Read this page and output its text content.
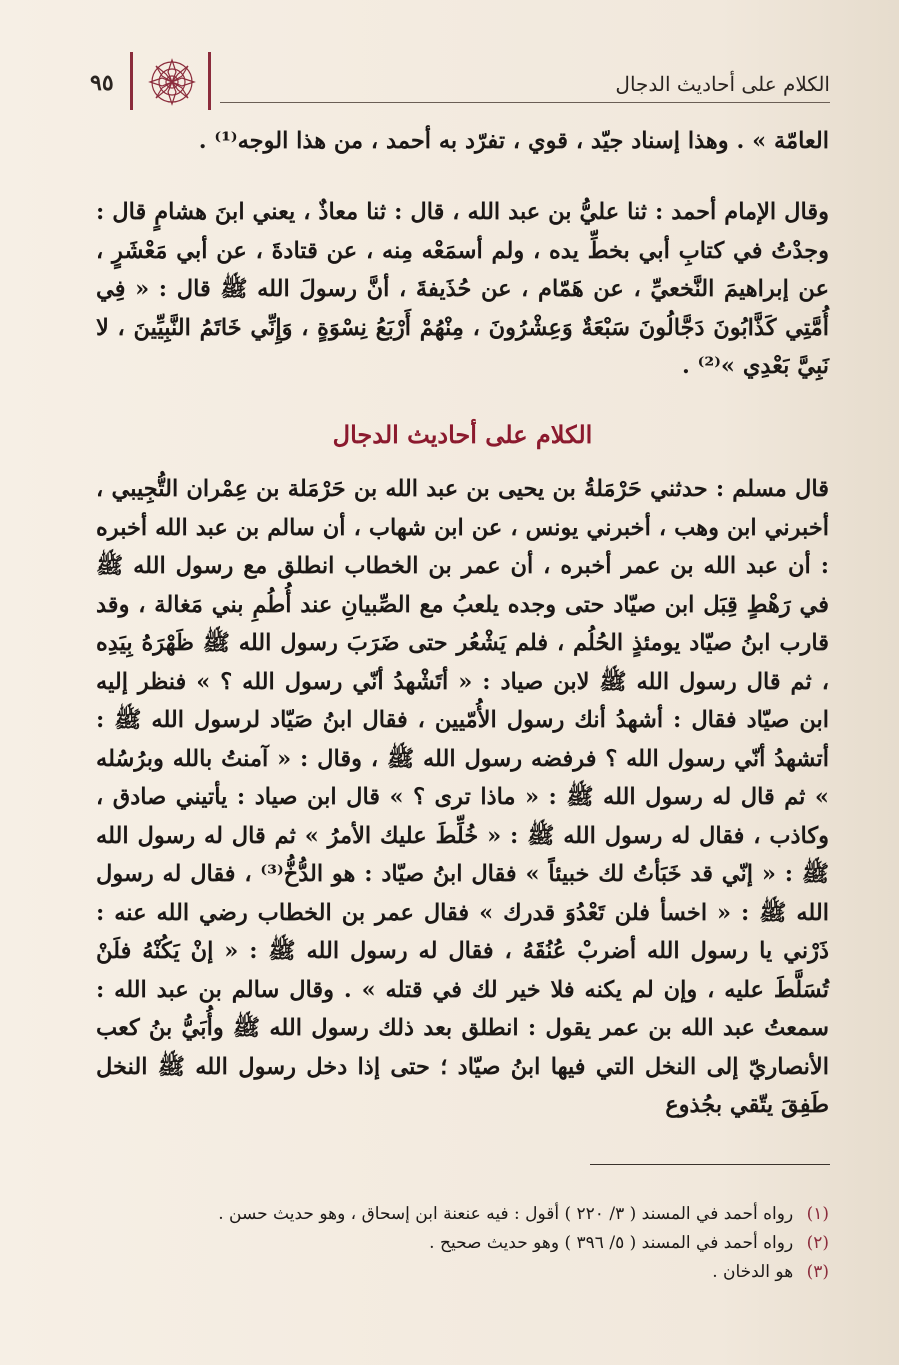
٩٥	الكلام على أحاديث الدجال

العامّة » . وهذا إسناد جيّد ، قوي ، تفرّد به أحمد ، من هذا الوجه⁽¹⁾ .

وقال الإمام أحمد : ثنا عليُّ بن عبد الله ، قال : ثنا معاذٌ ، يعني ابنَ هشامٍ قال : وجدْتُ في كتابِ أبي بخطِّ يده ، ولم أسمَعْه مِنه ، عن قتادةَ ، عن أبي مَعْشَرٍ ، عن إبراهيمَ النَّخعيِّ ، عن هَمّام ، عن حُذَيفةَ ، أنَّ رسولَ الله ﷺ قال : « فِي أُمَّتِي كَذَّابُونَ دَجَّالُونَ سَبْعَةٌ وَعِشْرُونَ ، مِنْهُمْ أَرْبَعُ نِسْوَةٍ ، وَإِنِّي خَاتَمُ النَّبِيِّينَ ، لا نَبِيَّ بَعْدِي »⁽²⁾ .

الكلام على أحاديث الدجال

قال مسلم : حدثني حَرْمَلةُ بن يحيى بن عبد الله بن حَرْمَلة بن عِمْران التُّجِيبي ، أخبرني ابن وهب ، أخبرني يونس ، عن ابن شهاب ، أن سالم بن عبد الله أخبره : أن عبد الله بن عمر أخبره ، أن عمر بن الخطاب انطلق مع رسول الله ﷺ في رَهْطٍ قِبَل ابن صيّاد حتى وجده يلعبُ مع الصِّبيانِ عند أُطُمِ بني مَغالة ، وقد قارب ابنُ صيّاد يومئذٍ الحُلُم ، فلم يَشْعُر حتى ضَرَبَ رسول الله ﷺ ظَهْرَهُ بِيَدِه ، ثم قال رسول الله ﷺ لابن صياد : « أتَشْهدُ أنّي رسول الله ؟ » فنظر إليه ابن صيّاد فقال : أشهدُ أنك رسول الأُمّيين ، فقال ابنُ صَيّاد لرسول الله ﷺ : أتشهدُ أنّي رسول الله ؟ فرفضه رسول الله ﷺ ، وقال : « آمنتُ بالله وبرُسُله » ثم قال له رسول الله ﷺ : « ماذا ترى ؟ » قال ابن صياد : يأتيني صادق ، وكاذب ، فقال له رسول الله ﷺ : « خُلِّطَ عليك الأمرُ » ثم قال له رسول الله ﷺ : « إنّي قد خَبَأتُ لك خبيئاً » فقال ابنُ صيّاد : هو الدُّخُّ⁽³⁾ ، فقال له رسول الله ﷺ : « اخسأ فلن تَعْدُوَ قدرك » فقال عمر بن الخطاب رضي الله عنه : ذَرْني يا رسول الله أضربْ عُنُقَهُ ، فقال له رسول الله ﷺ : « إنْ يَكُنْهُ فلَنْ تُسَلَّطَ عليه ، وإن لم يكنه فلا خير لك في قتله » . وقال سالم بن عبد الله : سمعتُ عبد الله بن عمر يقول : انطلق بعد ذلك رسول الله ﷺ وأُبَيُّ بنُ كعب الأنصاريّ إلى النخل التي فيها ابنُ صيّاد ؛ حتى إذا دخل رسول الله ﷺ النخل طَفِقَ يتّقي بجُذوع

(١) رواه أحمد في المسند ( ٣/ ٢٢٠ ) أقول : فيه عنعنة ابن إسحاق ، وهو حديث حسن .
(٢) رواه أحمد في المسند ( ٥/ ٣٩٦ ) وهو حديث صحيح .
(٣) هو الدخان .
